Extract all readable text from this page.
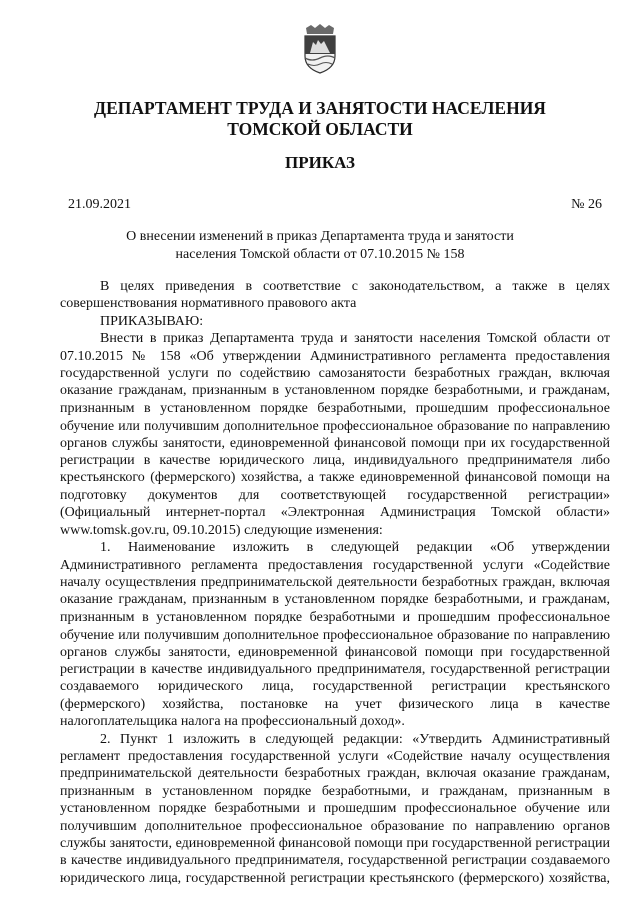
ДЕПАРТАМЕНТ ТРУДА И ЗАНЯТОСТИ НАСЕЛЕНИЯ
ТОМСКОЙ ОБЛАСТИ
ПРИКАЗ
21.09.2021	№ 26
О внесении изменений в приказ Департамента труда и занятости
населения Томской области от 07.10.2015 № 158
В целях приведения в соответствие с законодательством, а также в целях
совершенствования нормативного правового акта
ПРИКАЗЫВАЮ:
Внести в приказ Департамента труда и занятости населения Томской области от
07.10.2015 № 158 «Об утверждении Административного регламента предоставления
государственной услуги по содействию самозанятости безработных граждан, включая
оказание гражданам, признанным в установленном порядке безработными, и гражданам,
признанным в установленном порядке безработными, прошедшим профессиональное
обучение или получившим дополнительное профессиональное образование по направлению
органов службы занятости, единовременной финансовой помощи при их государственной
регистрации в качестве юридического лица, индивидуального предпринимателя либо
крестьянского (фермерского) хозяйства, а также единовременной финансовой помощи на
подготовку документов для соответствующей государственной регистрации»
(Официальный интернет-портал «Электронная Администрация Томской области»
www.tomsk.gov.ru, 09.10.2015) следующие изменения:
1. Наименование изложить в следующей редакции «Об утверждении
Административного регламента предоставления государственной услуги «Содействие
началу осуществления предпринимательской деятельности безработных граждан, включая
оказание гражданам, признанным в установленном порядке безработными, и гражданам,
признанным в установленном порядке безработными и прошедшим профессиональное
обучение или получившим дополнительное профессиональное образование по направлению
органов службы занятости, единовременной финансовой помощи при государственной
регистрации в качестве индивидуального предпринимателя, государственной регистрации
создаваемого юридического лица, государственной регистрации крестьянского
(фермерского) хозяйства, постановке на учет физического лица в качестве
налогоплательщика налога на профессиональный доход».
2. Пункт 1 изложить в следующей редакции: «Утвердить Административный
регламент предоставления государственной услуги «Содействие началу осуществления
предпринимательской деятельности безработных граждан, включая оказание гражданам,
признанным в установленном порядке безработными, и гражданам, признанным в
установленном порядке безработными и прошедшим профессиональное обучение или
получившим дополнительное профессиональное образование по направлению органов
службы занятости, единовременной финансовой помощи при государственной регистрации
в качестве индивидуального предпринимателя, государственной регистрации создаваемого
юридического лица, государственной регистрации крестьянского (фермерского) хозяйства,
